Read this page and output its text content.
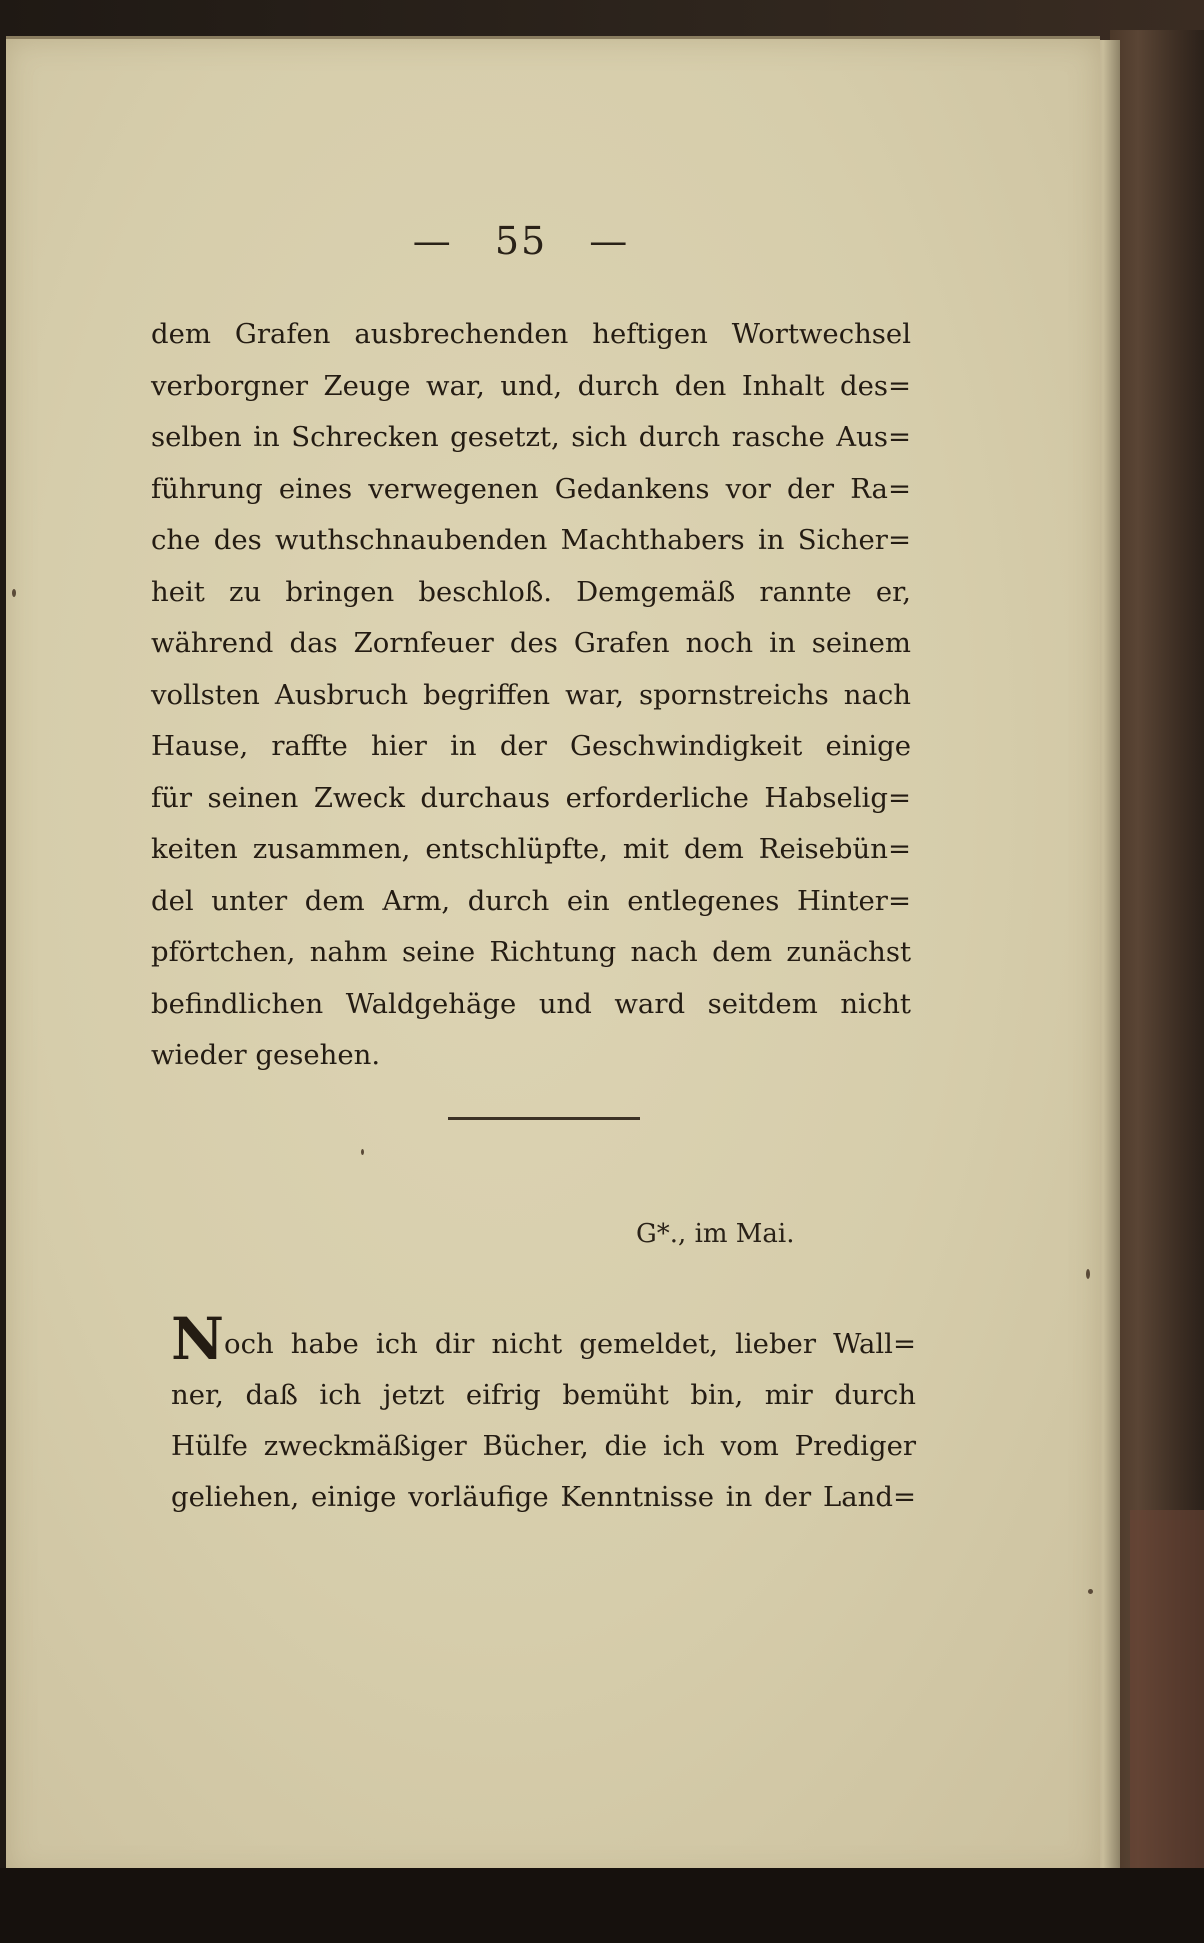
— 55 —
dem Grafen ausbrechenden heftigen Wortwechsel
verborgner Zeuge war, und, durch den Inhalt des=
selben in Schrecken gesetzt, sich durch rasche Aus=
führung eines verwegenen Gedankens vor der Ra=
che des wuthschnaubenden Machthabers in Sicher=
heit zu bringen beschloß. Demgemäß rannte er,
während das Zornfeuer des Grafen noch in seinem
vollsten Ausbruch begriffen war, spornstreichs nach
Hause, raffte hier in der Geschwindigkeit einige
für seinen Zweck durchaus erforderliche Habselig=
keiten zusammen, entschlüpfte, mit dem Reisebün=
del unter dem Arm, durch ein entlegenes Hinter=
pförtchen, nahm seine Richtung nach dem zunächst
befindlichen Waldgehäge und ward seitdem nicht
wieder gesehen.
G*., im Mai.
Noch habe ich dir nicht gemeldet, lieber Wall=
ner, daß ich jetzt eifrig bemüht bin, mir durch
Hülfe zweckmäßiger Bücher, die ich vom Prediger
geliehen, einige vorläufige Kenntnisse in der Land=
